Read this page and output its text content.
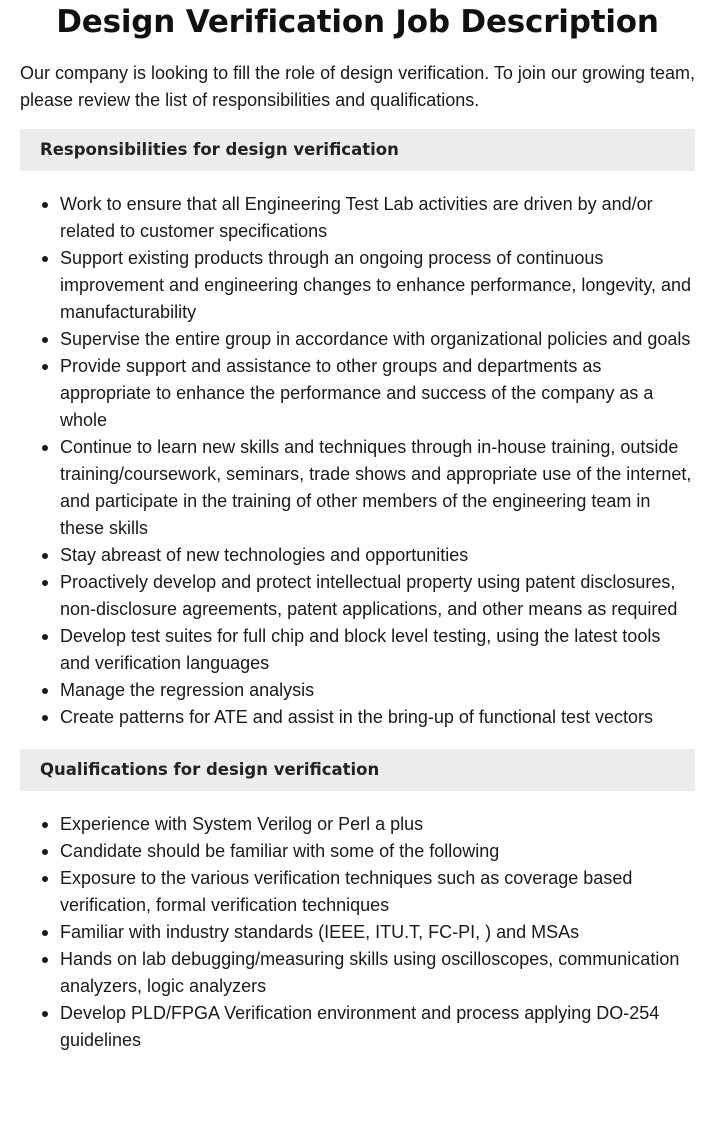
Design Verification Job Description

Our company is looking to fill the role of design verification. To join our growing team, please review the list of responsibilities and qualifications.

Responsibilities for design verification
Work to ensure that all Engineering Test Lab activities are driven by and/or related to customer specifications
Support existing products through an ongoing process of continuous improvement and engineering changes to enhance performance, longevity, and manufacturability
Supervise the entire group in accordance with organizational policies and goals
Provide support and assistance to other groups and departments as appropriate to enhance the performance and success of the company as a whole
Continue to learn new skills and techniques through in-house training, outside training/coursework, seminars, trade shows and appropriate use of the internet, and participate in the training of other members of the engineering team in these skills
Stay abreast of new technologies and opportunities
Proactively develop and protect intellectual property using patent disclosures, non-disclosure agreements, patent applications, and other means as required
Develop test suites for full chip and block level testing, using the latest tools and verification languages
Manage the regression analysis
Create patterns for ATE and assist in the bring-up of functional test vectors
Qualifications for design verification
Experience with System Verilog or Perl a plus
Candidate should be familiar with some of the following
Exposure to the various verification techniques such as coverage based verification, formal verification techniques
Familiar with industry standards (IEEE, ITU.T, FC-PI, ) and MSAs
Hands on lab debugging/measuring skills using oscilloscopes, communication analyzers, logic analyzers
Develop PLD/FPGA Verification environment and process applying DO-254 guidelines
